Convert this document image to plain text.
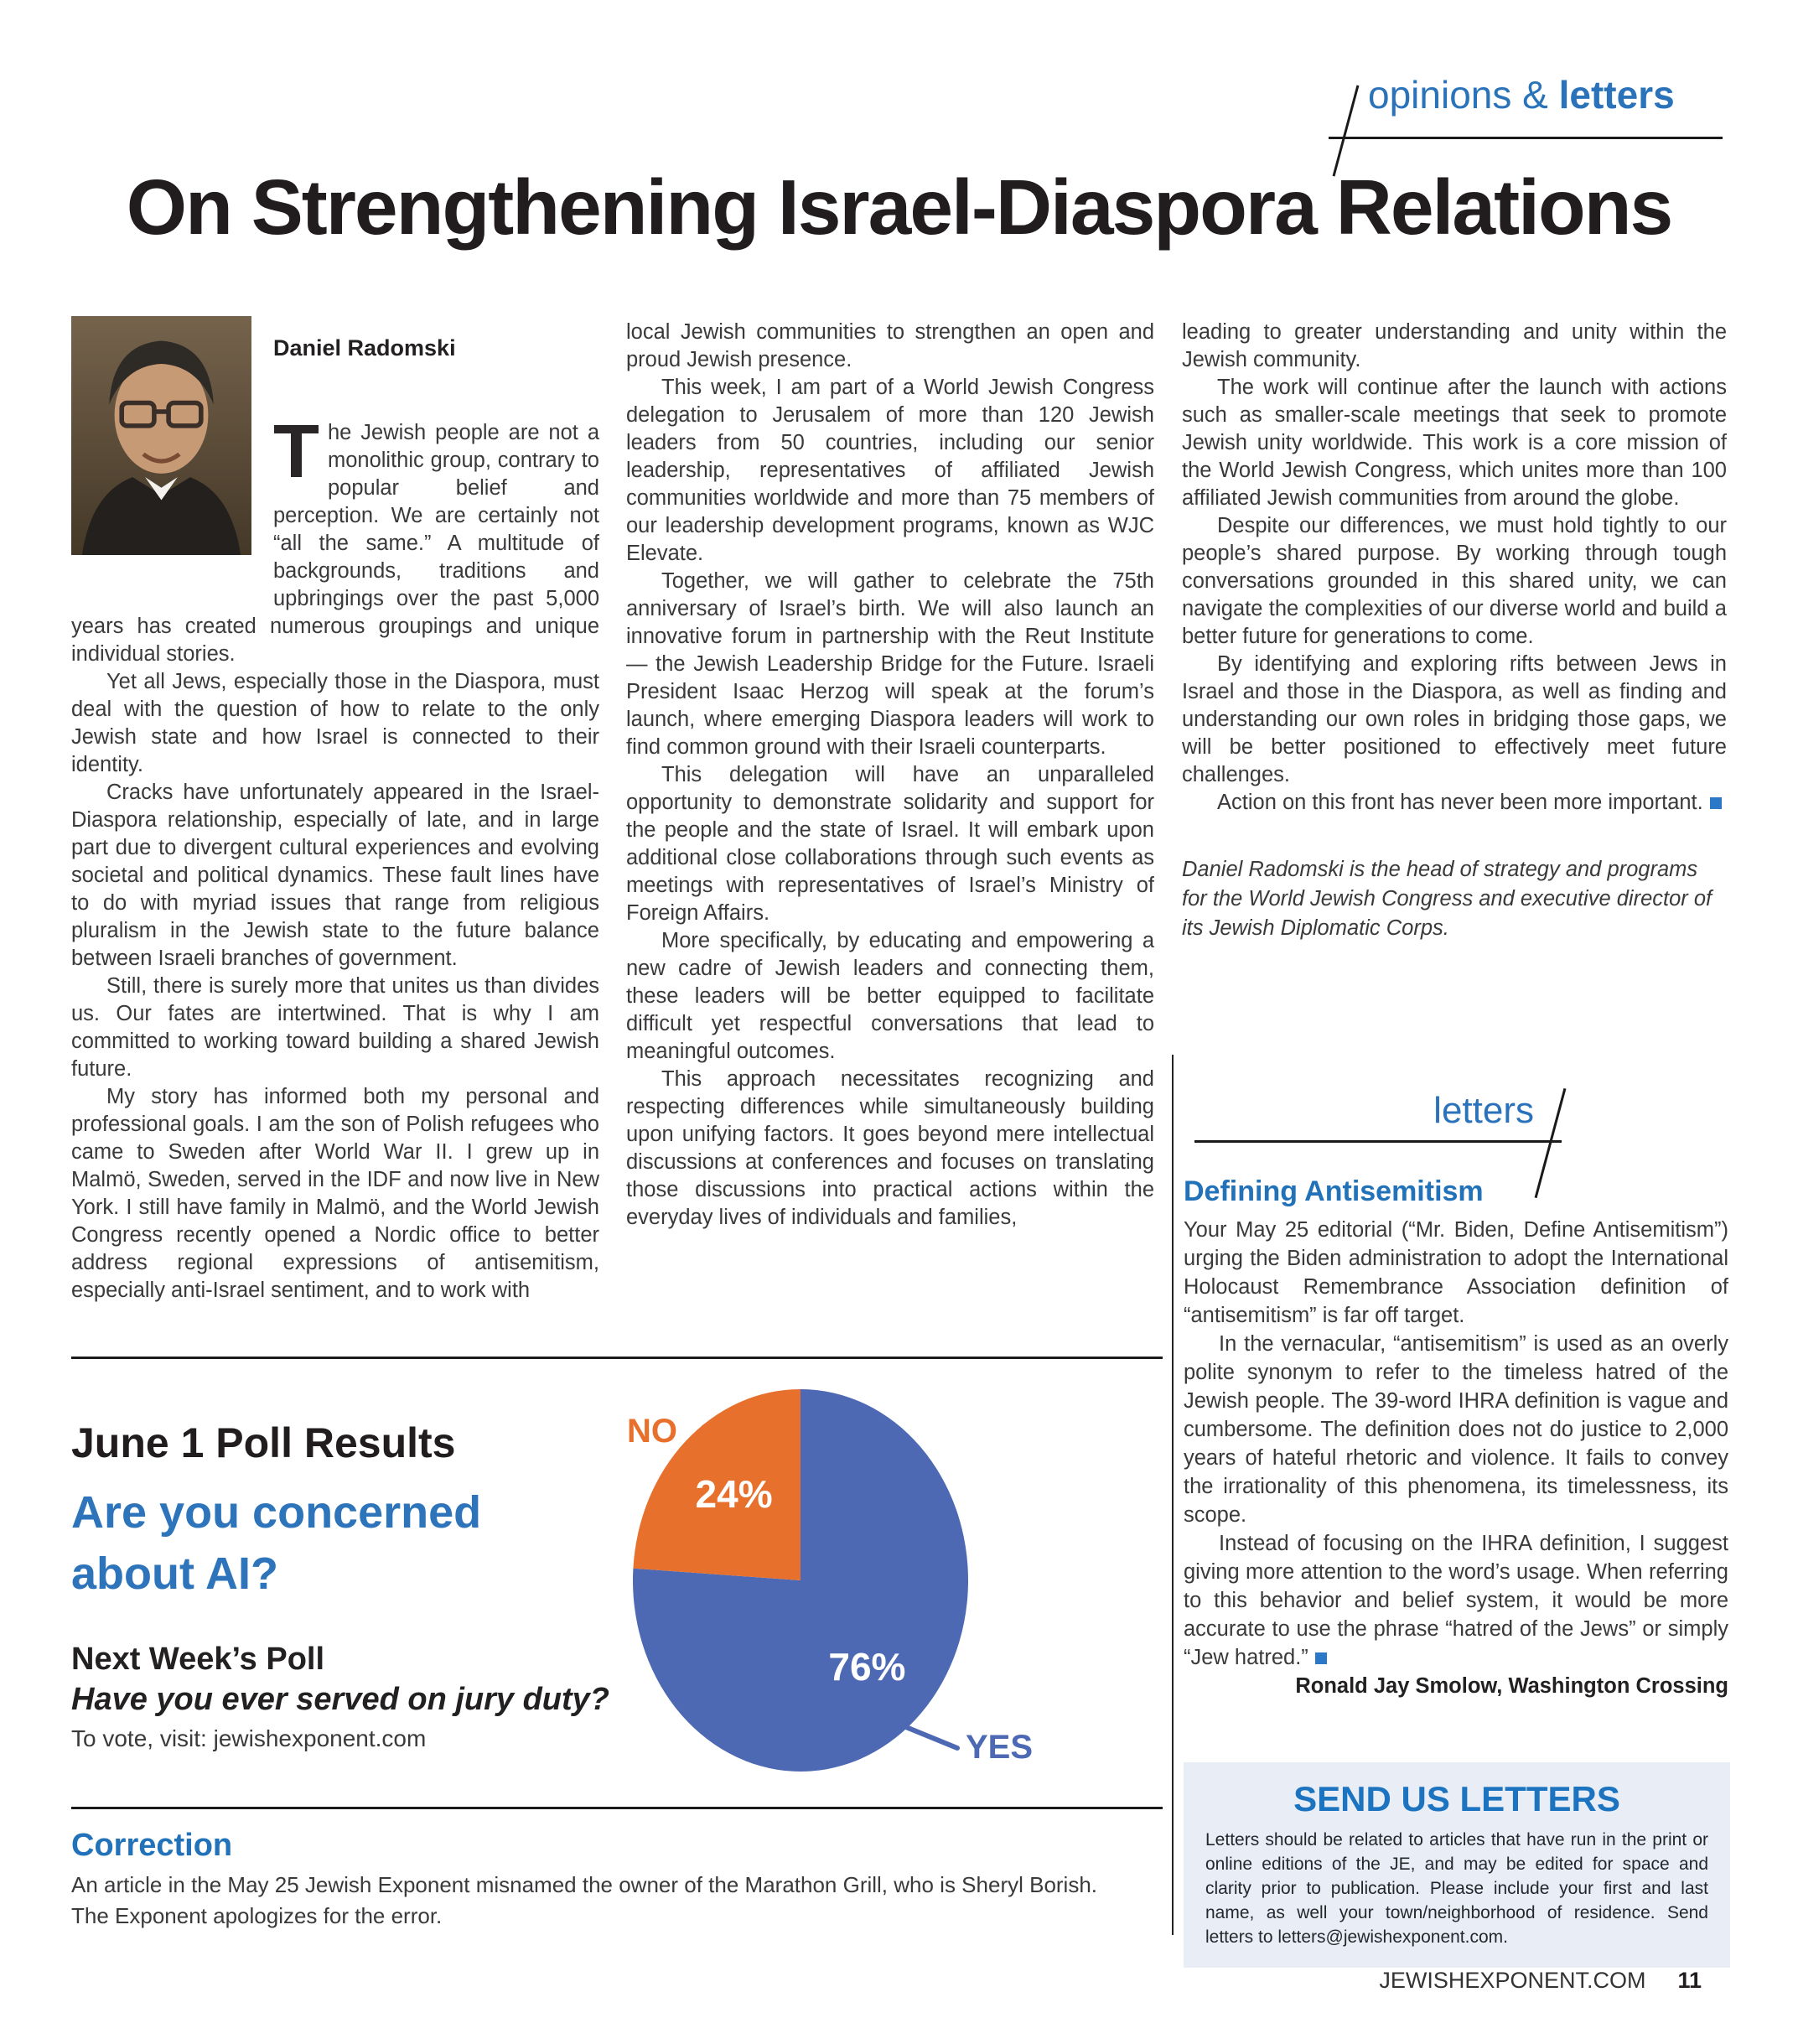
opinions & letters
On Strengthening Israel-Diaspora Relations
Daniel Radomski

The Jewish people are not a monolithic group, contrary to popular belief and perception. We are certainly not “all the same.” A multitude of backgrounds, traditions and upbringings over the past 5,000 years has created numerous groupings and unique individual stories.

Yet all Jews, especially those in the Diaspora, must deal with the question of how to relate to the only Jewish state and how Israel is connected to their identity.

Cracks have unfortunately appeared in the Israel-Diaspora relationship, especially of late, and in large part due to divergent cultural experiences and evolving societal and political dynamics. These fault lines have to do with myriad issues that range from religious pluralism in the Jewish state to the future balance between Israeli branches of government.

Still, there is surely more that unites us than divides us. Our fates are intertwined. That is why I am committed to working toward building a shared Jewish future.

My story has informed both my personal and professional goals. I am the son of Polish refugees who came to Sweden after World War II. I grew up in Malmö, Sweden, served in the IDF and now live in New York. I still have family in Malmö, and the World Jewish Congress recently opened a Nordic office to better address regional expressions of antisemitism, especially anti-Israel sentiment, and to work with

local Jewish communities to strengthen an open and proud Jewish presence.

This week, I am part of a World Jewish Congress delegation to Jerusalem of more than 120 Jewish leaders from 50 countries, including our senior leadership, representatives of affiliated Jewish communities worldwide and more than 75 members of our leadership development programs, known as WJC Elevate.

Together, we will gather to celebrate the 75th anniversary of Israel’s birth. We will also launch an innovative forum in partnership with the Reut Institute — the Jewish Leadership Bridge for the Future. Israeli President Isaac Herzog will speak at the forum’s launch, where emerging Diaspora leaders will work to find common ground with their Israeli counterparts.

This delegation will have an unparalleled opportunity to demonstrate solidarity and support for the people and the state of Israel. It will embark upon additional close collaborations through such events as meetings with representatives of Israel’s Ministry of Foreign Affairs.

More specifically, by educating and empowering a new cadre of Jewish leaders and connecting them, these leaders will be better equipped to facilitate difficult yet respectful conversations that lead to meaningful outcomes.

This approach necessitates recognizing and respecting differences while simultaneously building upon unifying factors. It goes beyond mere intellectual discussions at conferences and focuses on translating those discussions into practical actions within the everyday lives of individuals and families,

leading to greater understanding and unity within the Jewish community.

The work will continue after the launch with actions such as smaller-scale meetings that seek to promote Jewish unity worldwide. This work is a core mission of the World Jewish Congress, which unites more than 100 affiliated Jewish communities from around the globe.

Despite our differences, we must hold tightly to our people’s shared purpose. By working through tough conversations grounded in this shared unity, we can navigate the complexities of our diverse world and build a better future for generations to come.

By identifying and exploring rifts between Jews in Israel and those in the Diaspora, as well as finding and understanding our own roles in bridging those gaps, we will be better positioned to effectively meet future challenges.

Action on this front has never been more important.

Daniel Radomski is the head of strategy and programs for the World Jewish Congress and executive director of its Jewish Diplomatic Corps.

letters
Defining Antisemitism

Your May 25 editorial (“Mr. Biden, Define Antisemitism”) urging the Biden administration to adopt the International Holocaust Remembrance Association definition of “antisemitism” is far off target.

In the vernacular, “antisemitism” is used as an overly polite synonym to refer to the timeless hatred of the Jewish people. The 39-word IHRA definition is vague and cumbersome. The definition does not do justice to 2,000 years of hateful rhetoric and violence. It fails to convey the irrationality of this phenomena, its timelessness, its scope.

Instead of focusing on the IHRA definition, I suggest giving more attention to the word’s usage. When referring to this behavior and belief system, it would be more accurate to use the phrase “hatred of the Jews” or simply “Jew hatred.”

Ronald Jay Smolow, Washington Crossing

SEND US LETTERS

Letters should be related to articles that have run in the print or online editions of the JE, and may be edited for space and clarity prior to publication. Please include your first and last name, as well your town/neighborhood of residence. Send letters to letters@jewishexponent.com.

June 1 Poll Results
Are you concerned about AI?
Next Week’s Poll
Have you ever served on jury duty?

To vote, visit: jewishexponent.com

76%
24%
NO
YES
Correction

An article in the May 25 Jewish Exponent misnamed the owner of the Marathon Grill, who is Sheryl Borish. The Exponent apologizes for the error.

JEWISHEXPONENT.COM 11
